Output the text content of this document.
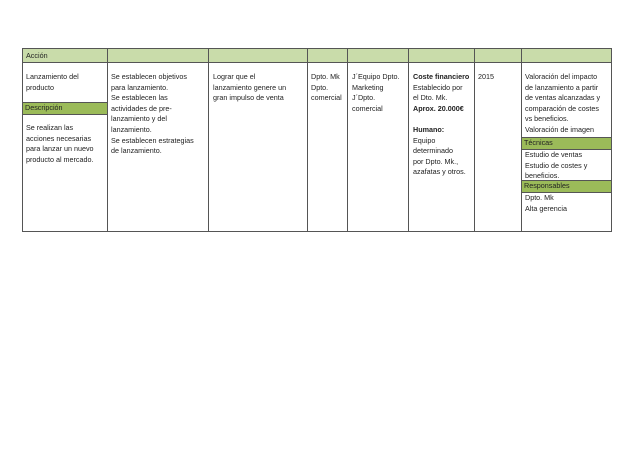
Acción
Lanzamiento del
producto
Descripción
Se realizan las
acciones necesarias
para lanzar un nuevo
producto al mercado.
Se establecen objetivos
para lanzamiento.
Se establecen las
actividades de pre-
lanzamiento y del
lanzamiento.
Se establecen estrategias
de lanzamiento.
Lograr que el
lanzamiento genere un
gran impulso de venta
Dpto. Mk
Dpto.
comercial
J´Equipo Dpto.
Marketing
J´Dpto.
comercial
Coste financiero
Establecido por
el Dto. Mk.
Aprox. 20.000€
Humano:
Equipo
determinado
por Dpto. Mk.,
azafatas y otros.
2015	Valoración del impacto
de lanzamiento a partir
de ventas alcanzadas y
comparación de costes
vs beneficios.
Valoración de imagen
Técnicas
Estudio de ventas
Estudio de costes y
beneficios.
Responsables
Dpto. Mk
Alta gerencia
